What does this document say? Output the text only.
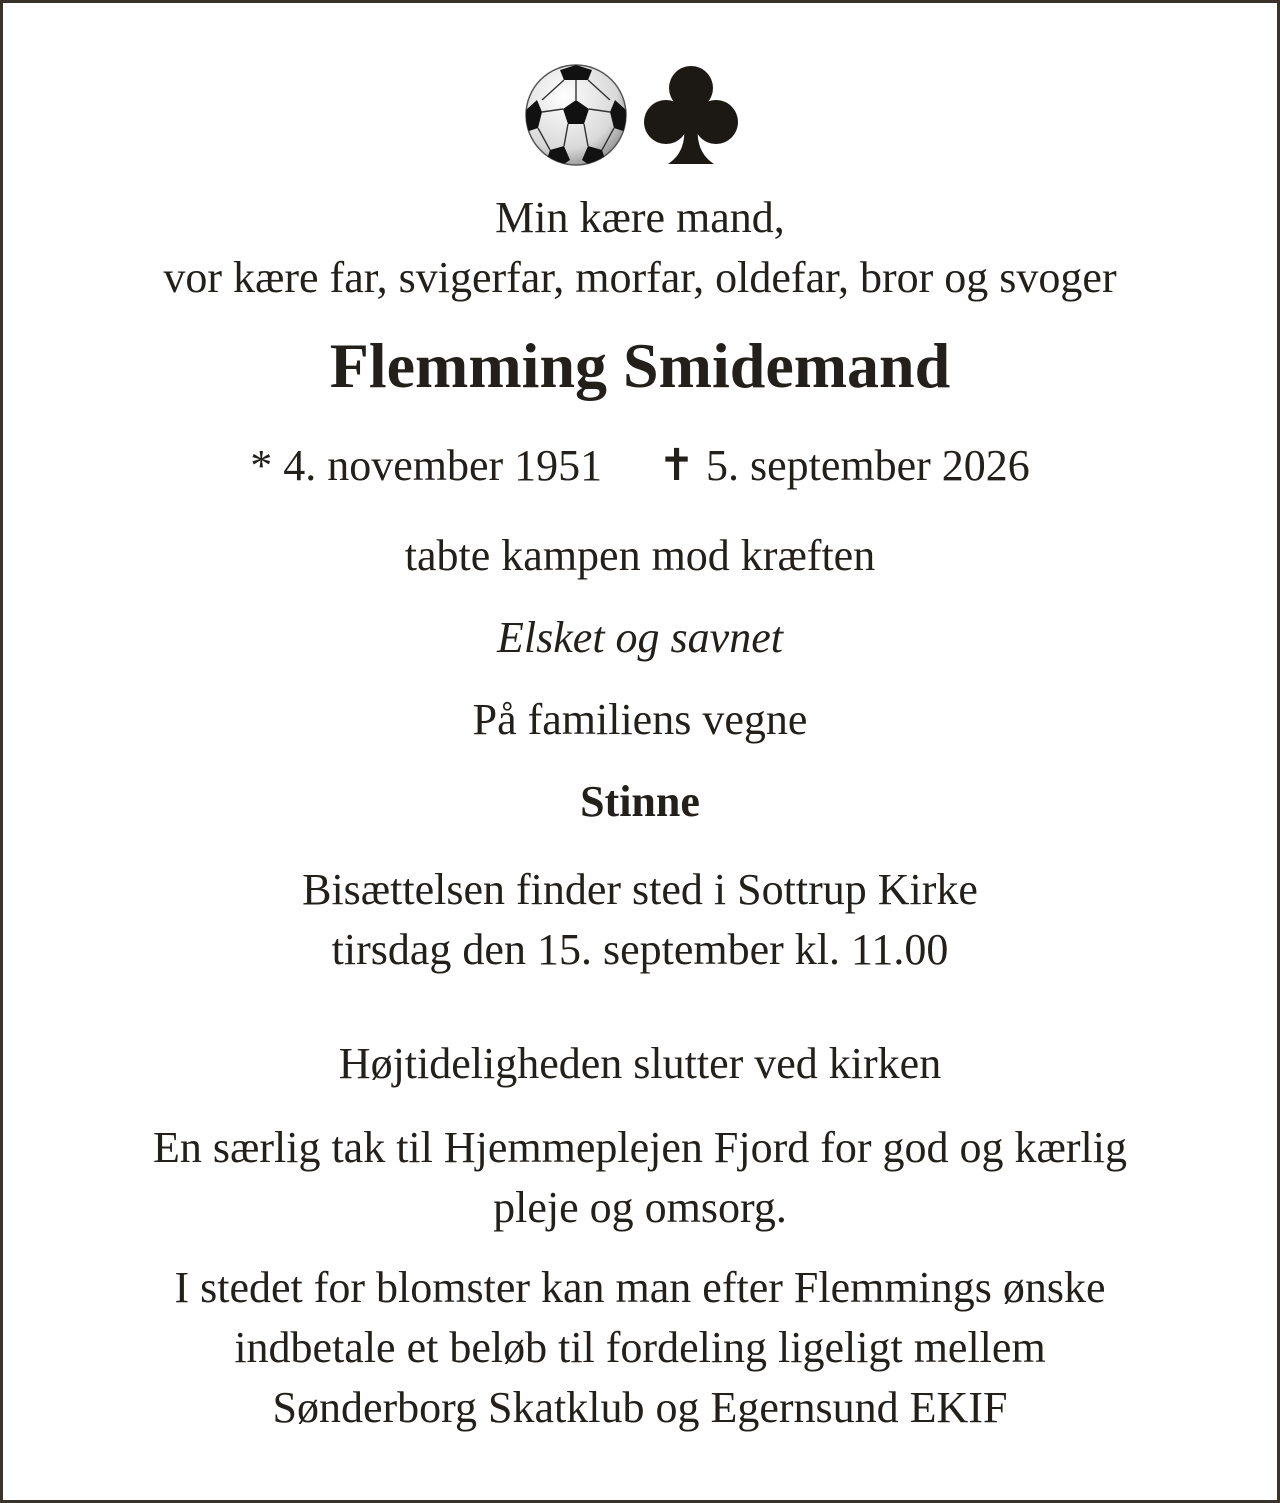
Min kære mand,
vor kære far, svigerfar, morfar, oldefar, bror og svoger
Flemming Smidemand
* 4. november 1951 ✝ 5. september 2026
tabte kampen mod kræften
Elsket og savnet
På familiens vegne
Stinne
Bisættelsen finder sted i Sottrup Kirke
tirsdag den 15. september kl. 11.00
Højtideligheden slutter ved kirken
En særlig tak til Hjemmeplejen Fjord for god og kærlig
pleje og omsorg.
I stedet for blomster kan man efter Flemmings ønske
indbetale et beløb til fordeling ligeligt mellem
Sønderborg Skatklub og Egernsund EKIF
